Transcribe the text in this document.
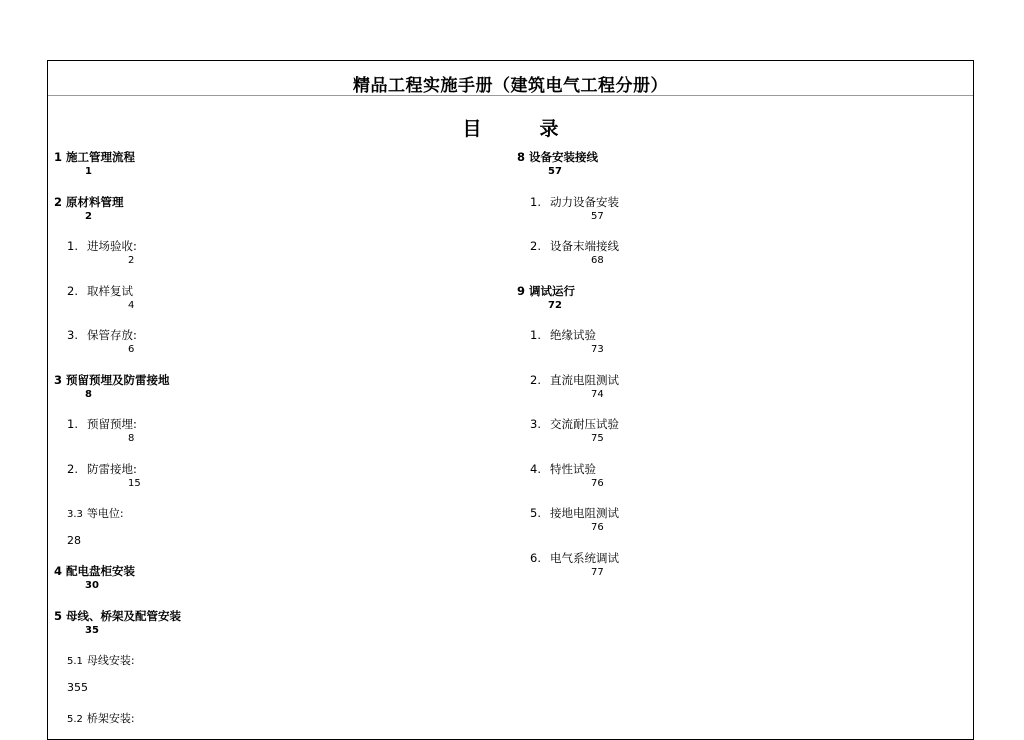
精品工程实施手册（建筑电气工程分册）
目	录
1 施工管理流程
1
2 原材料管理
2
1. 进场验收:
2
2. 取样复试
4
3. 保管存放:
6
3 预留预埋及防雷接地
8
1. 预留预埋:
8
2. 防雷接地:
15
3.3 等电位:
28
4 配电盘柜安装
30
5 母线、桥架及配管安装
35
5.1 母线安装:
355
5.2 桥架安装:
8 设备安装接线
57
1. 动力设备安装
57
2. 设备末端接线
68
9 调试运行
72
1. 绝缘试验
73
2. 直流电阻测试
74
3. 交流耐压试验
75
4. 特性试验
76
5. 接地电阻测试
76
6. 电气系统调试
77
